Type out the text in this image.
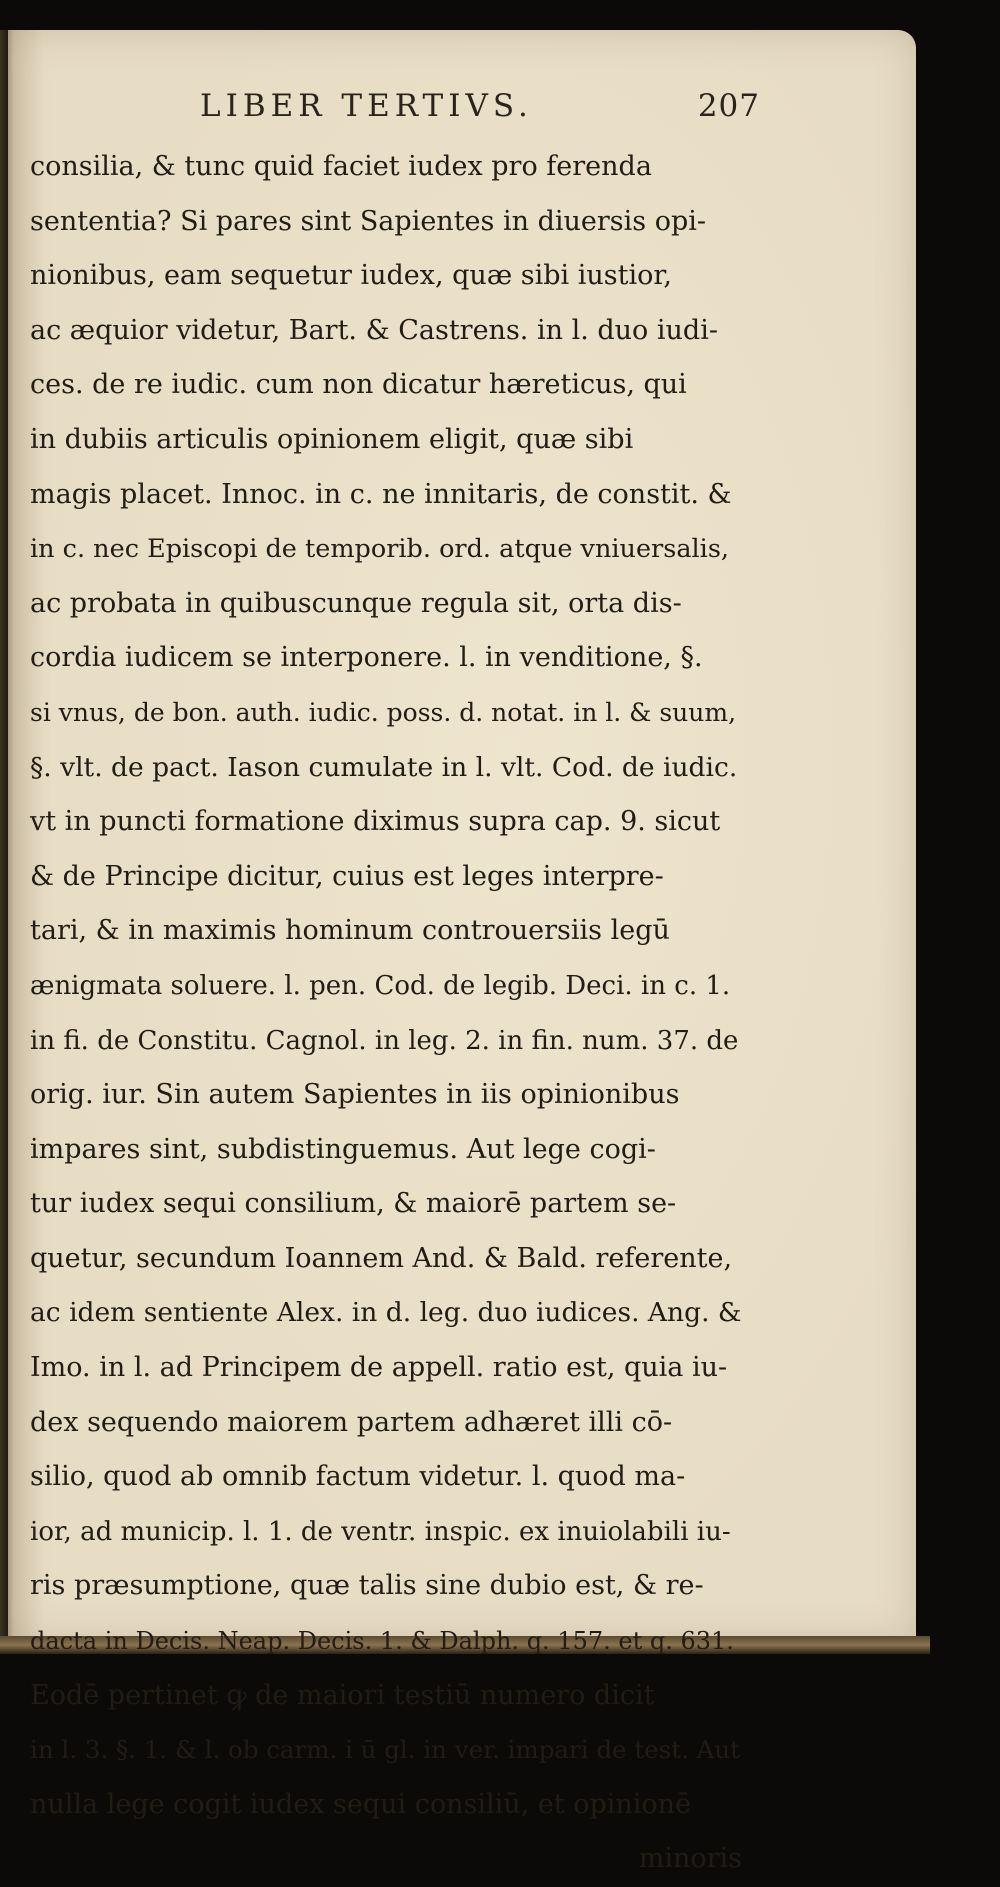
LIBER TERTIVS.	207
consilia, & tunc quid faciet iudex pro ferenda
sententia? Si pares sint Sapientes in diuersis opi-
nionibus, eam sequetur iudex, quæ sibi iustior,
ac æquior videtur, Bart. & Castrens. in l. duo iudi-
ces. de re iudic. cum non dicatur hæreticus, qui
in dubiis articulis opinionem eligit, quæ sibi
magis placet. Innoc. in c. ne innitaris, de constit. &
in c. nec Episcopi de temporib. ord. atque vniuersalis,
ac probata in quibuscunque regula sit, orta dis-
cordia iudicem se interponere. l. in venditione, §.
si vnus, de bon. auth. iudic. poss. d. notat. in l. & suum,
§. vlt. de pact. Iason cumulate in l. vlt. Cod. de iudic.
vt in puncti formatione diximus supra cap. 9. sicut
& de Principe dicitur, cuius est leges interpre-
tari, & in maximis hominum controuersiis legū
ænigmata soluere. l. pen. Cod. de legib. Deci. in c. 1.
in fi. de Constitu. Cagnol. in leg. 2. in fin. num. 37. de
orig. iur. Sin autem Sapientes in iis opinionibus
impares sint, subdistinguemus. Aut lege cogi-
tur iudex sequi consilium, & maiorē partem se-
quetur, secundum Ioannem And. & Bald. referente,
ac idem sentiente Alex. in d. leg. duo iudices. Ang. &
Imo. in l. ad Principem de appell. ratio est, quia iu-
dex sequendo maiorem partem adhæret illi cō-
silio, quod ab omnib factum videtur. l. quod ma-
ior, ad municip. l. 1. de ventr. inspic. ex inuiolabili iu-
ris præsumptione, quæ talis sine dubio est, & re-
dacta in Decis. Neap. Decis. 1. & Dalph. q. 157. et q. 631.
Eodē pertinet ꝙ de maiori testiū numero dicit
in l. 3. §. 1. & l. ob carm. i ū gl. in ver. impari de test. Aut
nulla lege cogit iudex sequi consiliū, et opinionē
minoris
